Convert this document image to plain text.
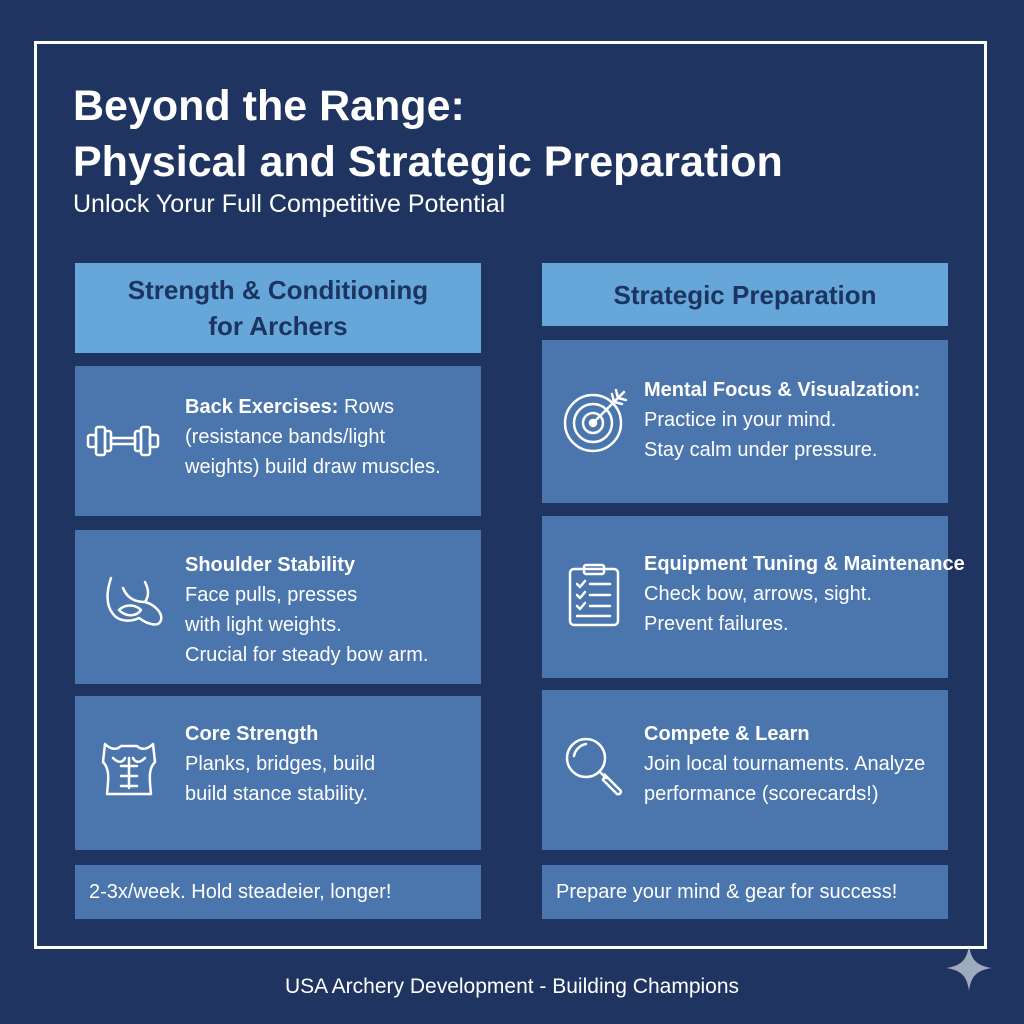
Beyond the Range:
Physical and Strategic Preparation

Unlock Yorur Full Competitive Potential

Strength & Conditioning
for Archers
Strategic Preparation
Back Exercises: Rows
(resistance bands/light
weights) build draw muscles.
Shoulder Stability
Face pulls, presses
with light weights.
Crucial for steady bow arm.
Core Strength
Planks, bridges, build
build stance stability.
Mental Focus & Visualzation:
Practice in your mind.
Stay calm under pressure.
Equipment Tuning & Maintenance
Check bow, arrows, sight.
Prevent failures.
Compete & Learn
Join local tournaments. Analyze
performance (scorecards!)
2-3x/week. Hold steadeier, longer!	Prepare your mind & gear for success!
USA Archery Development - Building Champions
